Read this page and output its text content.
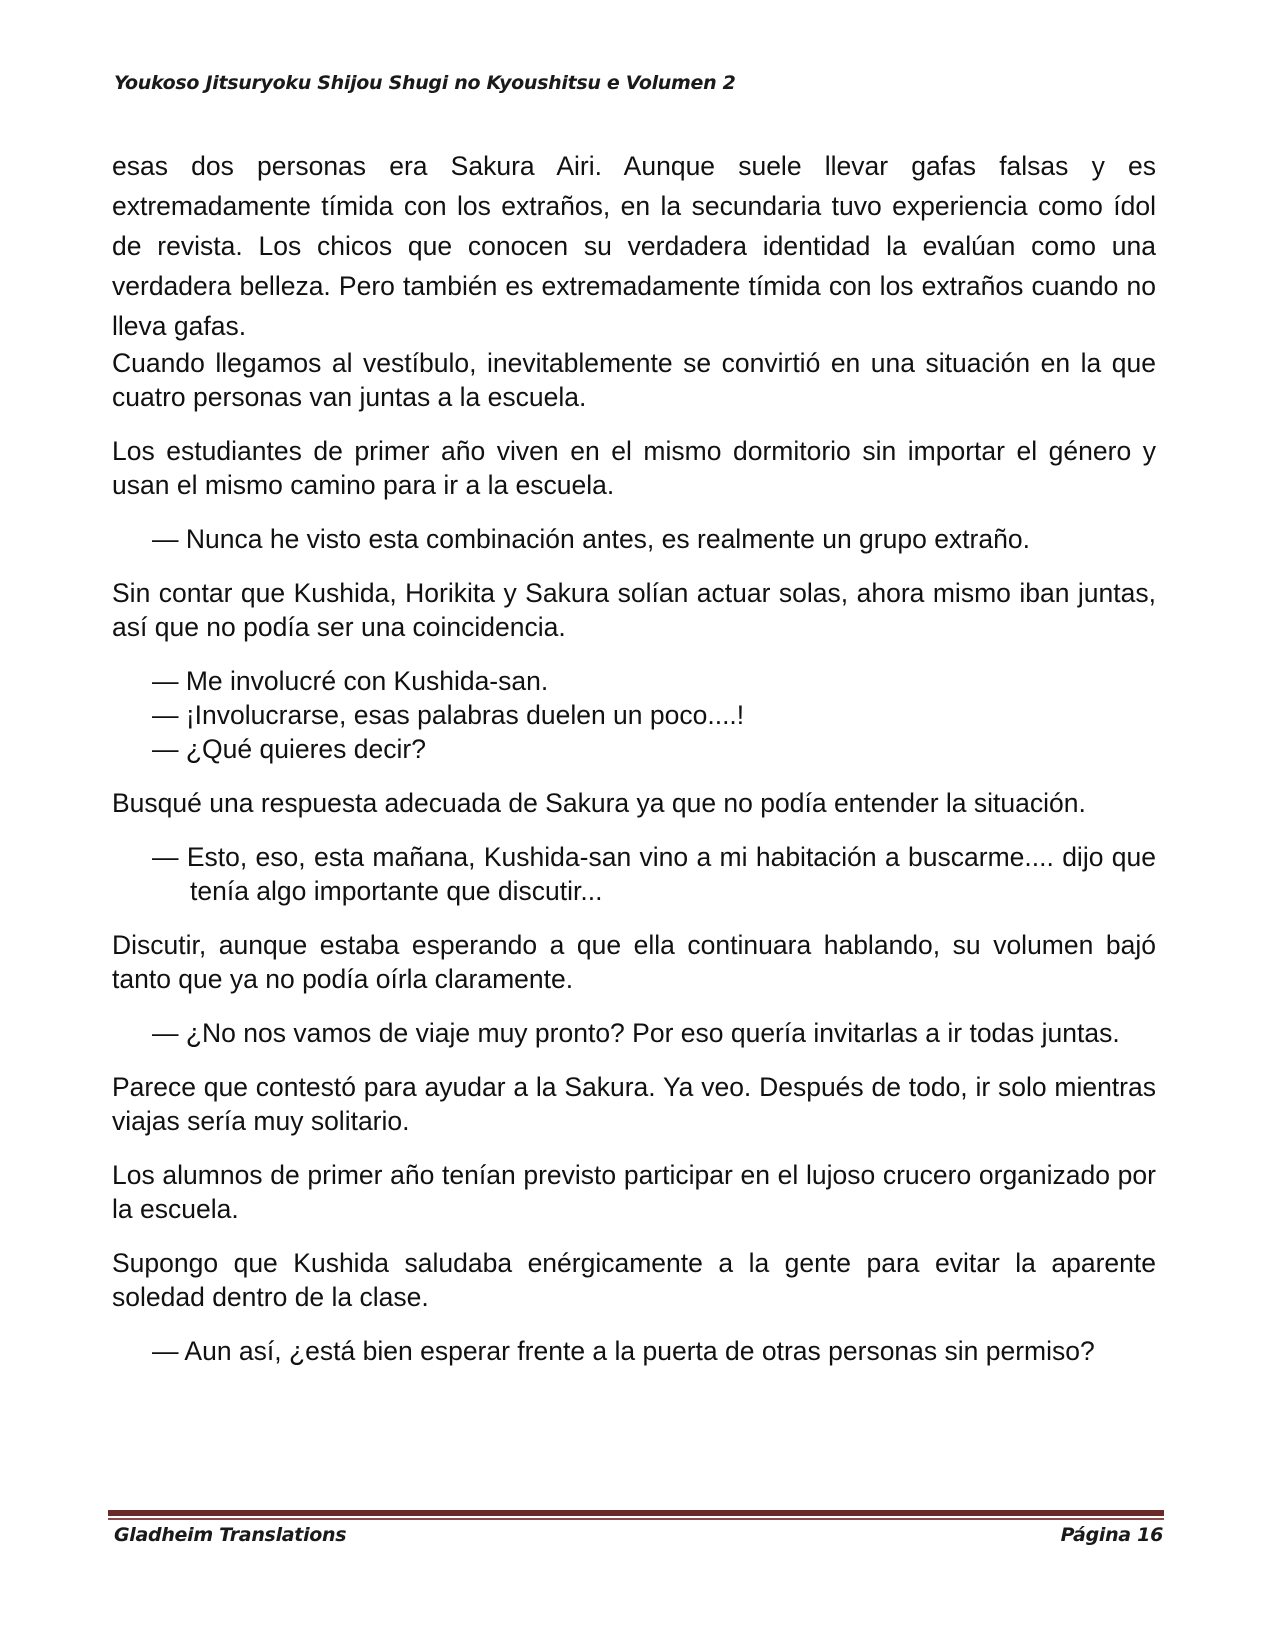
Youkoso Jitsuryoku Shijou Shugi no Kyoushitsu e Volumen 2

esas dos personas era Sakura Airi. Aunque suele llevar gafas falsas y es extremadamente tímida con los extraños, en la secundaria tuvo experiencia como ídol de revista. Los chicos que conocen su verdadera identidad la evalúan como una verdadera belleza. Pero también es extremadamente tímida con los extraños cuando no lleva gafas.

Cuando llegamos al vestíbulo, inevitablemente se convirtió en una situación en la que cuatro personas van juntas a la escuela.

Los estudiantes de primer año viven en el mismo dormitorio sin importar el género y usan el mismo camino para ir a la escuela.

— Nunca he visto esta combinación antes, es realmente un grupo extraño.

Sin contar que Kushida, Horikita y Sakura solían actuar solas, ahora mismo iban juntas, así que no podía ser una coincidencia.

— Me involucré con Kushida-san.

— ¡Involucrarse, esas palabras duelen un poco....!

— ¿Qué quieres decir?

Busqué una respuesta adecuada de Sakura ya que no podía entender la situación.

— Esto, eso, esta mañana, Kushida-san vino a mi habitación a buscarme.... dijo que tenía algo importante que discutir...

Discutir, aunque estaba esperando a que ella continuara hablando, su volumen bajó tanto que ya no podía oírla claramente.

— ¿No nos vamos de viaje muy pronto? Por eso quería invitarlas a ir todas juntas.

Parece que contestó para ayudar a la Sakura. Ya veo. Después de todo, ir solo mientras viajas sería muy solitario.

Los alumnos de primer año tenían previsto participar en el lujoso crucero organizado por la escuela.

Supongo que Kushida saludaba enérgicamente a la gente para evitar la aparente soledad dentro de la clase.

— Aun así, ¿está bien esperar frente a la puerta de otras personas sin permiso?

Gladheim Translations	Página 16
